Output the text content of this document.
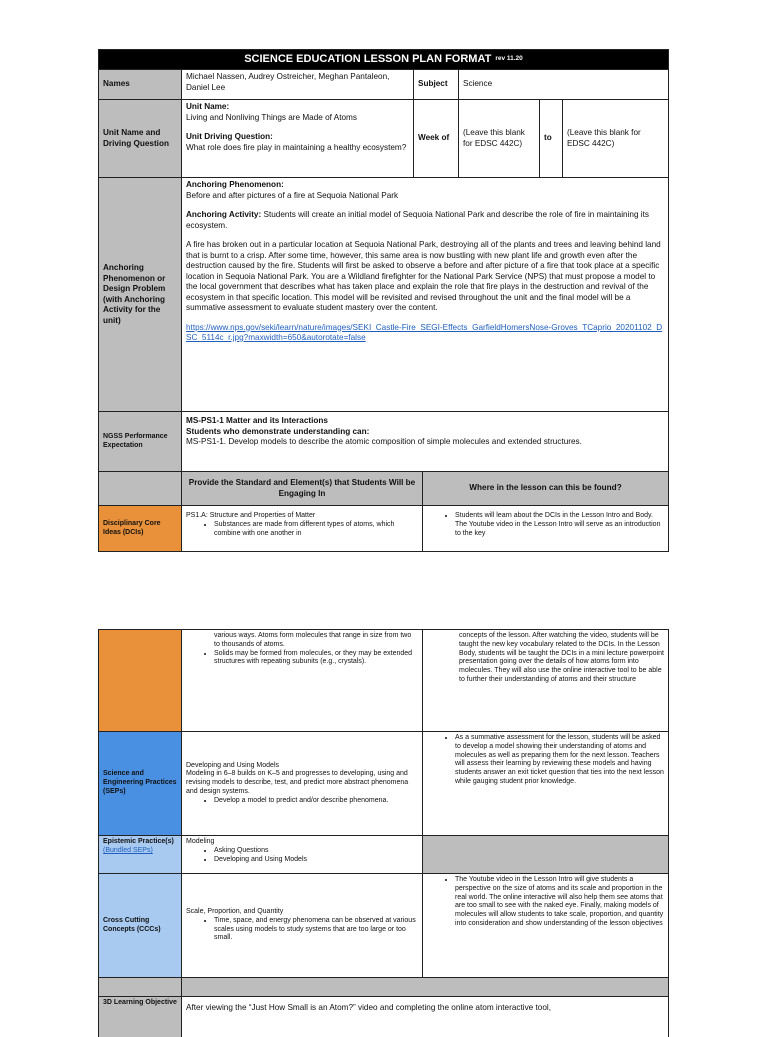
SCIENCE EDUCATION LESSON PLAN FORMAT rev 11.20
Names
Michael Nassen, Audrey Ostreicher, Meghan Pantaleon, Daniel Lee	Subject	Science
Unit Name and Driving Question

Unit Name:

Living and Nonliving Things are Made of Atoms

Unit Driving Question:

What role does fire play in maintaining a healthy ecosystem?

Week of
(Leave this blank for EDSC 442C)
to
(Leave this blank for EDSC 442C)
Anchoring Phenomenon or Design Problem (with Anchoring Activity for the unit)

Anchoring Phenomenon:

Before and after pictures of a fire at Sequoia National Park

Anchoring Activity: Students will create an initial model of Sequoia National Park and describe the role of fire in maintaining its ecosystem.

A fire has broken out in a particular location at Sequoia National Park, destroying all of the plants and trees and leaving behind land that is burnt to a crisp. After some time, however, this same area is now bustling with new plant life and growth even after the destruction caused by the fire. Students will first be asked to observe a before and after picture of a fire that took place at a specific location in Sequoia National Park. You are a Wildland firefighter for the National Park Service (NPS) that must propose a model to the local government that describes what has taken place and explain the role that fire plays in the destruction and revival of the ecosystem in that specific location. This model will be revisited and revised throughout the unit and the final model will be a summative assessment to evaluate student mastery over the content.

https://www.nps.gov/seki/learn/nature/images/SEKI_Castle-Fire_SEGI-Effects_GarfieldHomersNose-Groves_TCaprio_20201102_DSC_5114c_r.jpg?maxwidth=650&autorotate=false

NGSS Performance Expectation

MS-PS1-1 Matter and its Interactions

Students who demonstrate understanding can:

MS-PS1-1. Develop models to describe the atomic composition of simple molecules and extended structures.

Provide the Standard and Element(s) that Students Will be Engaging In
Where in the lesson can this be found?
Disciplinary Core Ideas (DCIs)

PS1.A: Structure and Properties of Matter

• Substances are made from different types of atoms, which combine with one another in
• Students will learn about the DCIs in the Lesson Intro and Body. The Youtube video in the Lesson Intro will serve as an introduction to the key

various ways. Atoms form molecules that range in size from two to thousands of atoms.

• Solids may be formed from molecules, or they may be extended structures with repeating subunits (e.g., crystals).
concepts of the lesson. After watching the video, students will be taught the new key vocabulary related to the DCIs. In the Lesson Body, students will be taught the DCIs in a mini lecture powerpoint presentation going over the details of how atoms form into molecules. They will also use the online interactive tool to be able to further their understanding of atoms and their structure
Science and Engineering Practices (SEPs)

Developing and Using Models

Modeling in 6–8 builds on K–5 and progresses to developing, using and revising models to describe, test, and predict more abstract phenomena and design systems.

• Develop a model to predict and/or describe phenomena.
• As a summative assessment for the lesson, students will be asked to develop a model showing their understanding of atoms and molecules as well as preparing them for the next lesson. Teachers will assess their learning by reviewing these models and having students answer an exit ticket question that ties into the next lesson while gauging student prior knowledge.
Epistemic Practice(s) (Bundled SEPs)

Modeling

• Asking Questions
• Developing and Using Models
Cross Cutting Concepts (CCCs)

Scale, Proportion, and Quantity

• Time, space, and energy phenomena can be observed at various scales using models to study systems that are too large or too small.
• The Youtube video in the Lesson Intro will give students a perspective on the size of atoms and its scale and proportion in the real world. The online interactive will also help them see atoms that are too small to see with the naked eye. Finally, making models of molecules will allow students to take scale, proportion, and quantity into consideration and show understanding of the lesson objectives
3D Learning Objective
After viewing the “Just How Small is an Atom?” video and completing the online atom interactive tool,
